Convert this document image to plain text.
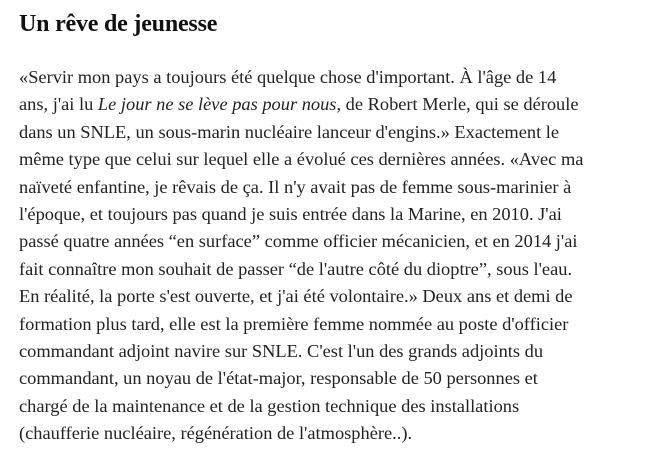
Un rêve de jeunesse

«Servir mon pays a toujours été quelque chose d'important. À l'âge de 14
ans, j'ai lu Le jour ne se lève pas pour nous, de Robert Merle, qui se déroule
dans un SNLE, un sous-marin nucléaire lanceur d'engins.» Exactement le
même type que celui sur lequel elle a évolué ces dernières années. «Avec ma
naïveté enfantine, je rêvais de ça. Il n'y avait pas de femme sous-marinier à
l'époque, et toujours pas quand je suis entrée dans la Marine, en 2010. J'ai
passé quatre années “en surface” comme officier mécanicien, et en 2014 j'ai
fait connaître mon souhait de passer “de l'autre côté du dioptre”, sous l'eau.
En réalité, la porte s'est ouverte, et j'ai été volontaire.» Deux ans et demi de
formation plus tard, elle est la première femme nommée au poste d'officier
commandant adjoint navire sur SNLE. C'est l'un des grands adjoints du
commandant, un noyau de l'état-major, responsable de 50 personnes et
chargé de la maintenance et de la gestion technique des installations
(chaufferie nucléaire, régénération de l'atmosphère..).
